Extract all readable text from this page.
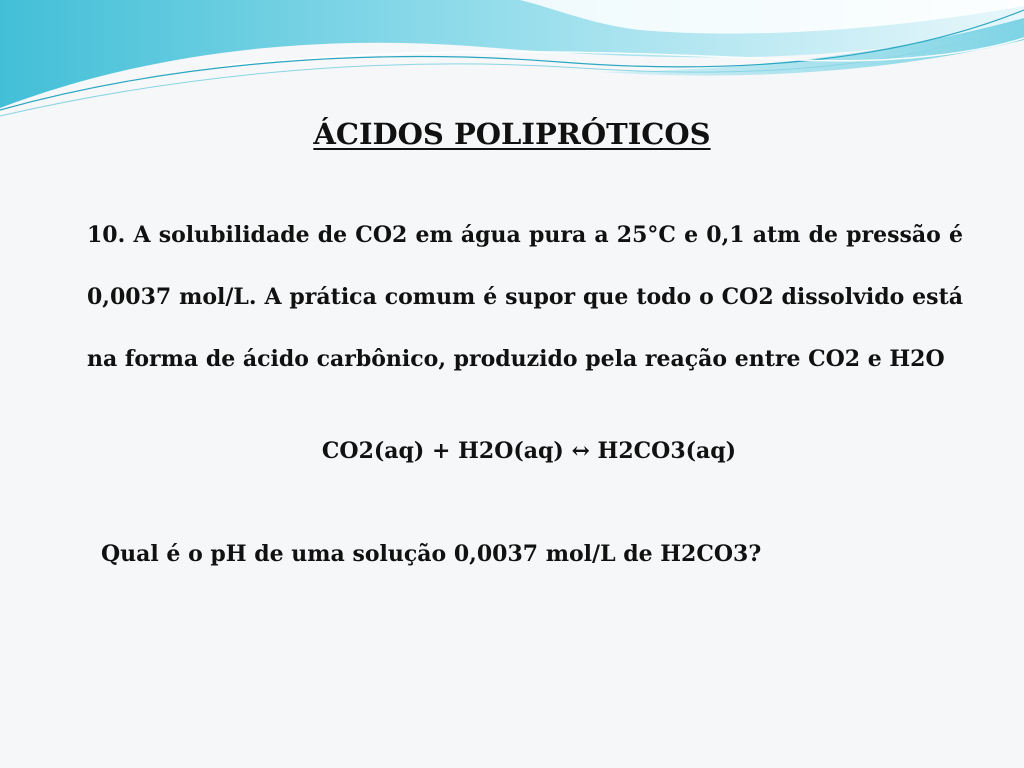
ÁCIDOS POLIPRÓTICOS

10. A solubilidade de CO2 em água pura a 25°C e 0,1 atm de pressão é 0,0037 mol/L. A prática comum é supor que todo o CO2 dissolvido está na forma de ácido carbônico, produzido pela reação entre CO2 e H2O

CO2(aq) + H2O(aq) ↔ H2CO3(aq)

Qual é o pH de uma solução 0,0037 mol/L de H2CO3?
